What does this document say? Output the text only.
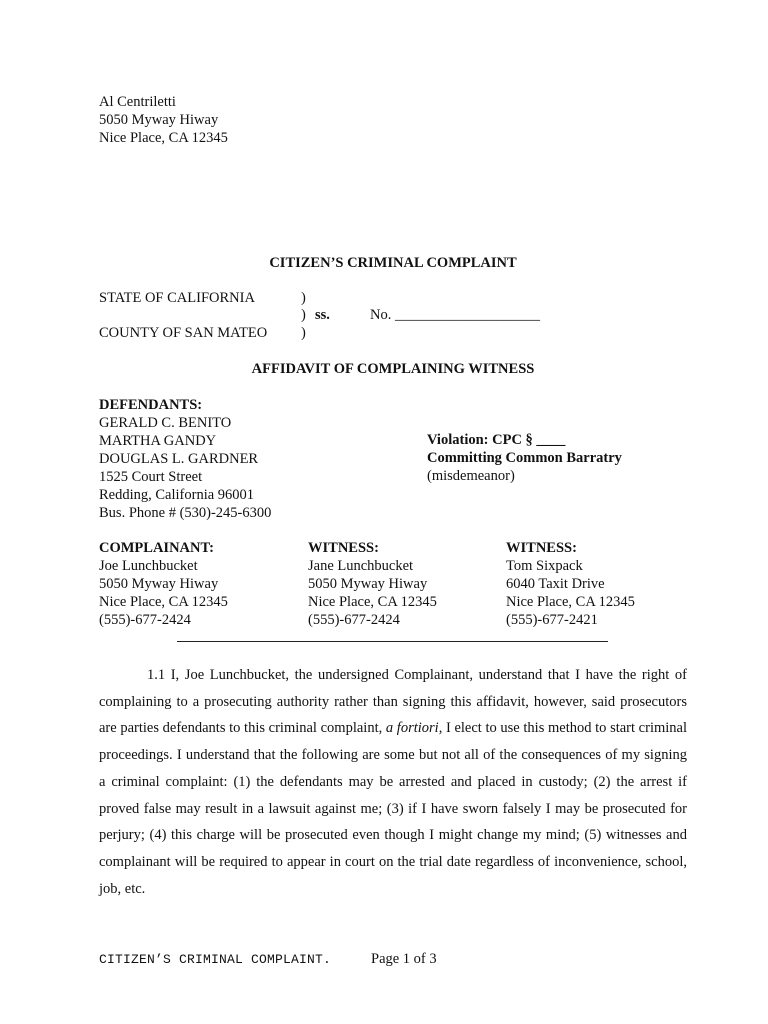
Al Centriletti
5050 Myway Hiway
Nice Place, CA 12345
CITIZEN’S CRIMINAL COMPLAINT
STATE OF CALIFORNIA
COUNTY OF SAN MATEO
)
) ss.
)
No. ____________________
AFFIDAVIT OF COMPLAINING WITNESS
DEFENDANTS:
GERALD C. BENITO
MARTHA GANDY
DOUGLAS L. GARDNER
1525 Court Street
Redding, California 96001
Bus. Phone # (530)-245-6300
Violation: CPC § ____
Committing Common Barratry
(misdemeanor)
COMPLAINANT:
Joe Lunchbucket
5050 Myway Hiway
Nice Place, CA 12345
(555)-677-2424
WITNESS:
Jane Lunchbucket
5050 Myway Hiway
Nice Place, CA 12345
(555)-677-2424
WITNESS:
Tom Sixpack
6040 Taxit Drive
Nice Place, CA 12345
(555)-677-2421
1.1 I, Joe Lunchbucket, the undersigned Complainant, understand that I have the right of complaining to a prosecuting authority rather than signing this affidavit, however, said prosecutors are parties defendants to this criminal complaint, a fortiori, I elect to use this method to start criminal proceedings. I understand that the following are some but not all of the consequences of my signing a criminal complaint: (1) the defendants may be arrested and placed in custody; (2) the arrest if proved false may result in a lawsuit against me; (3) if I have sworn falsely I may be prosecuted for perjury; (4) this charge will be prosecuted even though I might change my mind; (5) witnesses and complainant will be required to appear in court on the trial date regardless of inconvenience, school, job, etc.
CITIZEN’S CRIMINAL COMPLAINT.	Page 1 of 3
